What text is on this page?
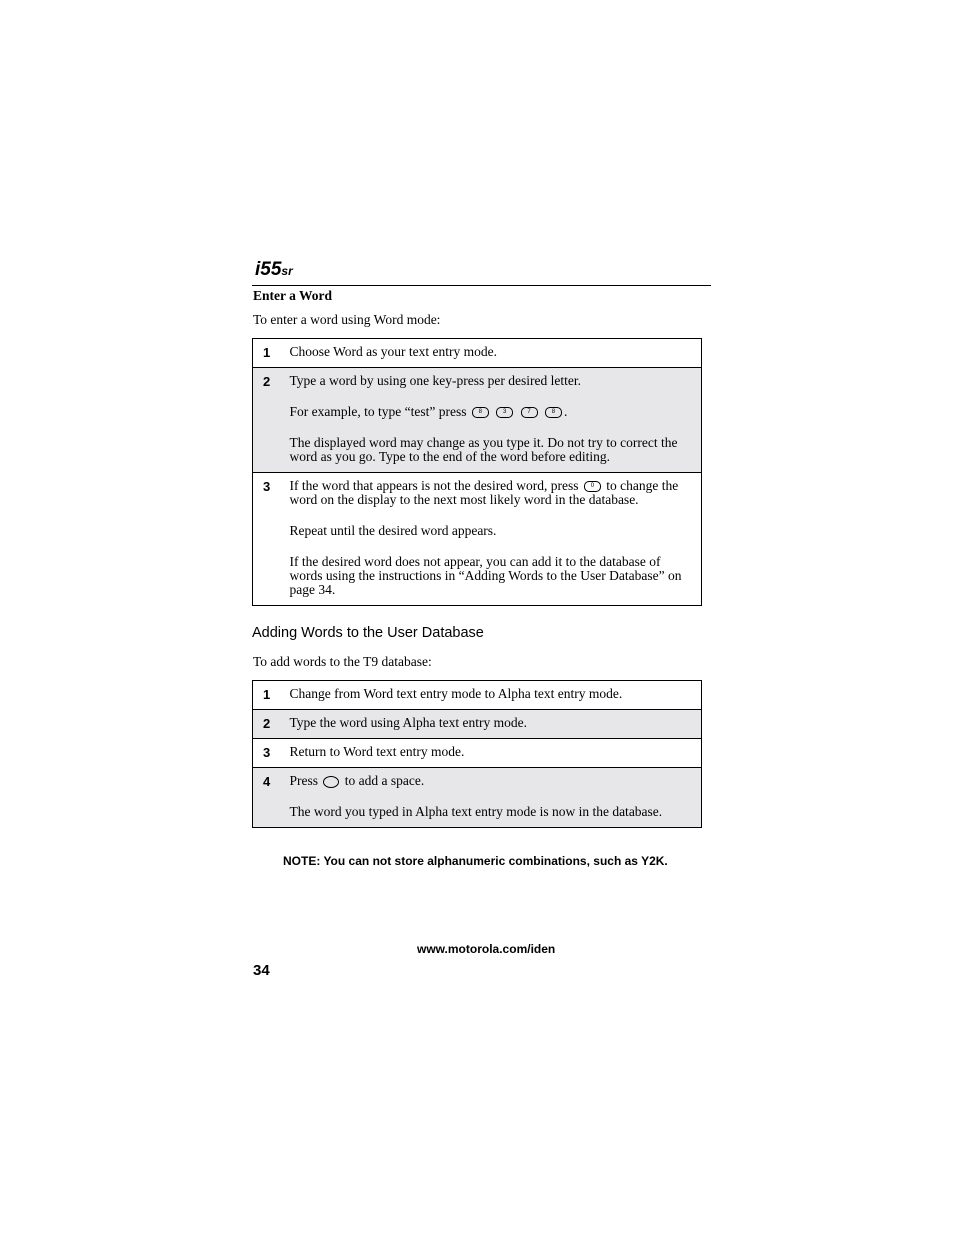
i55sr
Enter a Word
To enter a word using Word mode:
1	Choose Word as your text entry mode.

2	Type a word by using one key-press per desired letter.

For example, to type “test” press 8 3 7 8 .

The displayed word may change as you type it. Do not try to correct the word as you go. Type to the end of the word before editing.

3	If the word that appears is not the desired word, press 0 to change the word on the display to the next most likely word in the database.

Repeat until the desired word appears.

If the desired word does not appear, you can add it to the database of words using the instructions in “Adding Words to the User Database” on page 34.

Adding Words to the User Database
To add words to the T9 database:
1	Change from Word text entry mode to Alpha text entry mode.

2	Type the word using Alpha text entry mode.

3	Return to Word text entry mode.

4	Press to add a space.

The word you typed in Alpha text entry mode is now in the database.

NOTE: You can not store alphanumeric combinations, such as Y2K.
www.motorola.com/iden
34
